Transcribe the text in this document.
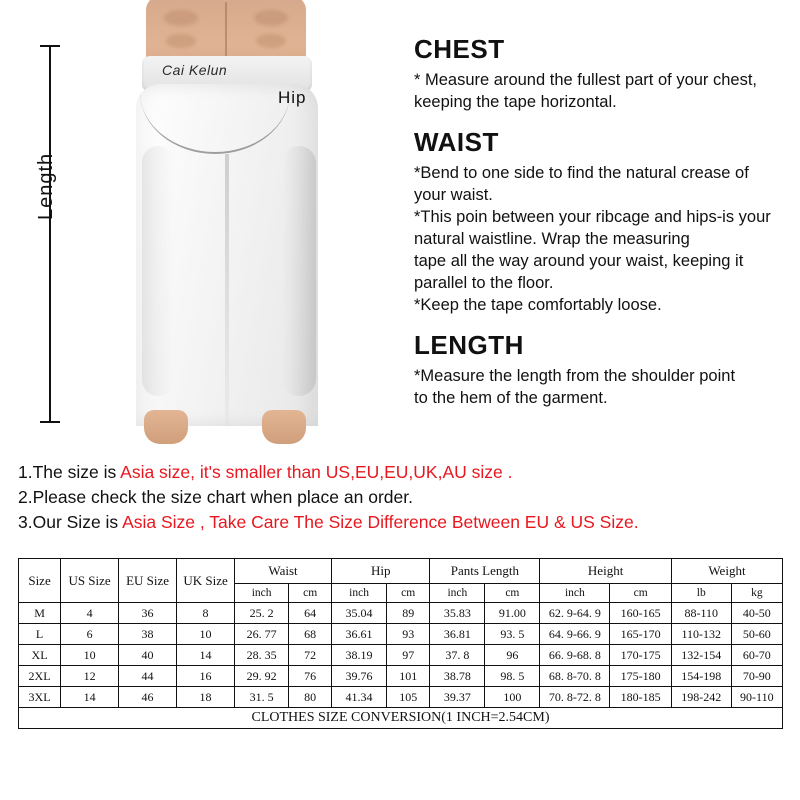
Length
Cai Kelun
Hip
CHEST

* Measure around the fullest part of your chest,

keeping the tape horizontal.

WAIST

*Bend to one side to find the natural crease of

your waist.

*This poin between your ribcage and hips-is your

natural waistline. Wrap the measuring

tape all the way around your waist, keeping it

parallel to the floor.

*Keep the tape comfortably loose.

LENGTH

*Measure the length from the shoulder point

to the hem of the garment.

1.The size is Asia size, it's smaller than US,EU,EU,UK,AU size .
2.Please check the size chart when place an order.
3.Our Size is Asia Size , Take Care The Size Difference Between EU & US Size.
Size	US Size	EU Size	UK Size	Waist		Hip		Pants Length		Height		Weight	
				inch	cm	inch	cm	inch	cm	inch	cm	lb	kg
M	4	36	8	25. 2	64	35.04	89	35.83	91.00	62. 9-64. 9	160-165	88-110	40-50
L	6	38	10	26. 77	68	36.61	93	36.81	93. 5	64. 9-66. 9	165-170	110-132	50-60
XL	10	40	14	28. 35	72	38.19	97	37. 8	96	66. 9-68. 8	170-175	132-154	60-70
2XL	12	44	16	29. 92	76	39.76	101	38.78	98. 5	68. 8-70. 8	175-180	154-198	70-90
3XL	14	46	18	31. 5	80	41.34	105	39.37	100	70. 8-72. 8	180-185	198-242	90-110
CLOTHES SIZE CONVERSION(1 INCH=2.54CM)													
